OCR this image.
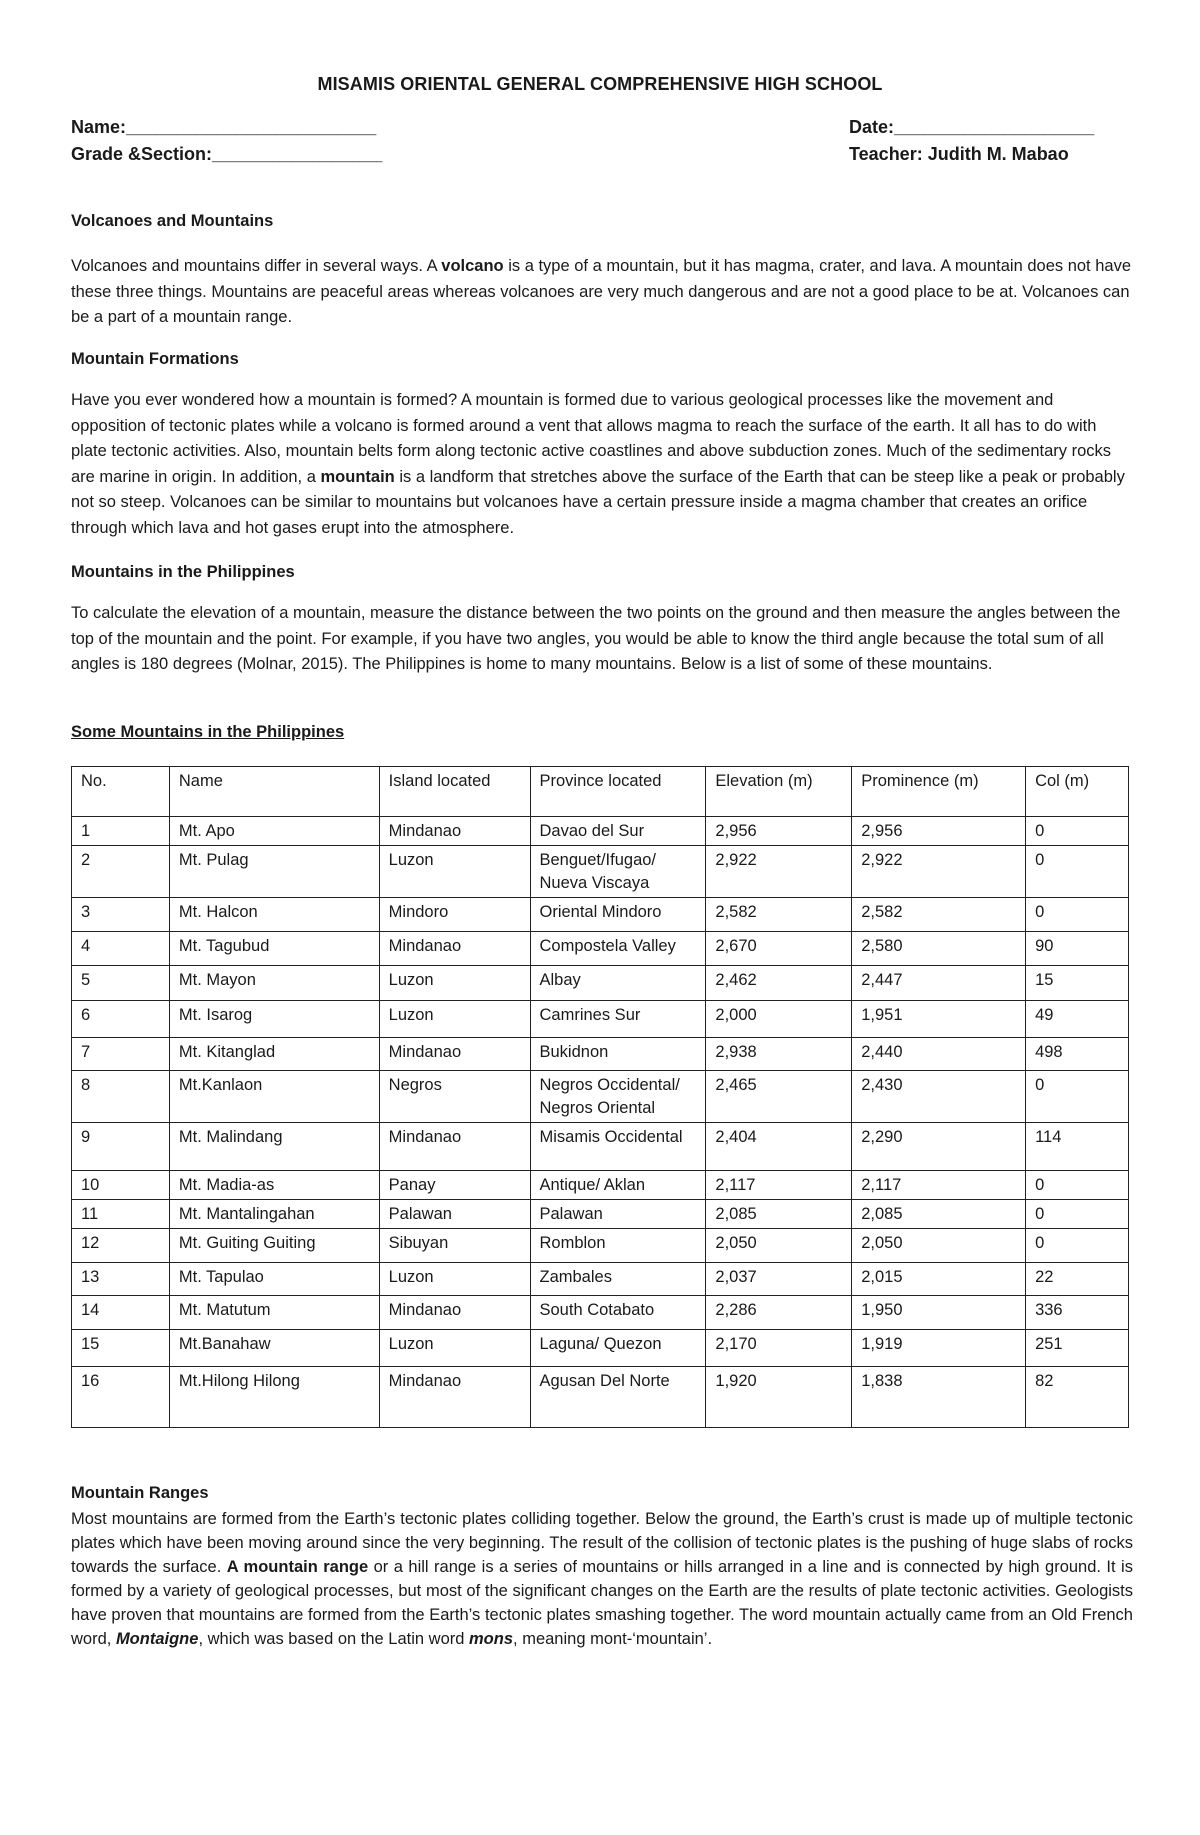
MISAMIS ORIENTAL GENERAL COMPREHENSIVE HIGH SCHOOL
Name:_________________________
Grade &Section:_________________
Date:____________________
Teacher: Judith M. Mabao
Volcanoes and Mountains

Volcanoes and mountains differ in several ways. A volcano is a type of a mountain, but it has magma, crater, and lava. A mountain does not have these three things. Mountains are peaceful areas whereas volcanoes are very much dangerous and are not a good place to be at. Volcanoes can be a part of a mountain range.

Mountain Formations

Have you ever wondered how a mountain is formed? A mountain is formed due to various geological processes like the movement and opposition of tectonic plates while a volcano is formed around a vent that allows magma to reach the surface of the earth. It all has to do with plate tectonic activities. Also, mountain belts form along tectonic active coastlines and above subduction zones. Much of the sedimentary rocks are marine in origin. In addition, a mountain is a landform that stretches above the surface of the Earth that can be steep like a peak or probably not so steep. Volcanoes can be similar to mountains but volcanoes have a certain pressure inside a magma chamber that creates an orifice through which lava and hot gases erupt into the atmosphere.

Mountains in the Philippines
To calculate the elevation of a mountain, measure the distance between the two points on the ground and then measure the angles between the top of the mountain and the point. For example, if you have two angles, you would be able to know the third angle because the total sum of all angles is 180 degrees (Molnar, 2015). The Philippines is home to many mountains. Below is a list of some of these mountains.
Some Mountains in the Philippines
No.	Name	Island located	Province located	Elevation (m)	Prominence (m)	Col (m)
1	Mt. Apo	Mindanao	Davao del Sur	2,956	2,956	0
2	Mt. Pulag	Luzon	Benguet/Ifugao/ Nueva Viscaya	2,922	2,922	0
3	Mt. Halcon	Mindoro	Oriental Mindoro	2,582	2,582	0
4	Mt. Tagubud	Mindanao	Compostela Valley	2,670	2,580	90
5	Mt. Mayon	Luzon	Albay	2,462	2,447	15
6	Mt. Isarog	Luzon	Camrines Sur	2,000	1,951	49
7	Mt. Kitanglad	Mindanao	Bukidnon	2,938	2,440	498
8	Mt.Kanlaon	Negros	Negros Occidental/ Negros Oriental	2,465	2,430	0
9	Mt. Malindang	Mindanao	Misamis Occidental	2,404	2,290	114
10	Mt. Madia-as	Panay	Antique/ Aklan	2,117	2,117	0
11	Mt. Mantalingahan	Palawan	Palawan	2,085	2,085	0
12	Mt. Guiting Guiting	Sibuyan	Romblon	2,050	2,050	0
13	Mt. Tapulao	Luzon	Zambales	2,037	2,015	22
14	Mt. Matutum	Mindanao	South Cotabato	2,286	1,950	336
15	Mt.Banahaw	Luzon	Laguna/ Quezon	2,170	1,919	251
16	Mt.Hilong Hilong	Mindanao	Agusan Del Norte	1,920	1,838	82
Mountain Ranges

Most mountains are formed from the Earth’s tectonic plates colliding together. Below the ground, the Earth’s crust is made up of multiple tectonic plates which have been moving around since the very beginning. The result of the collision of tectonic plates is the pushing of huge slabs of rocks towards the surface. A mountain range or a hill range is a series of mountains or hills arranged in a line and is connected by high ground. It is formed by a variety of geological processes, but most of the significant changes on the Earth are the results of plate tectonic activities. Geologists have proven that mountains are formed from the Earth’s tectonic plates smashing together. The word mountain actually came from an Old French word, Montaigne, which was based on the Latin word mons, meaning mont-‘mountain’.
